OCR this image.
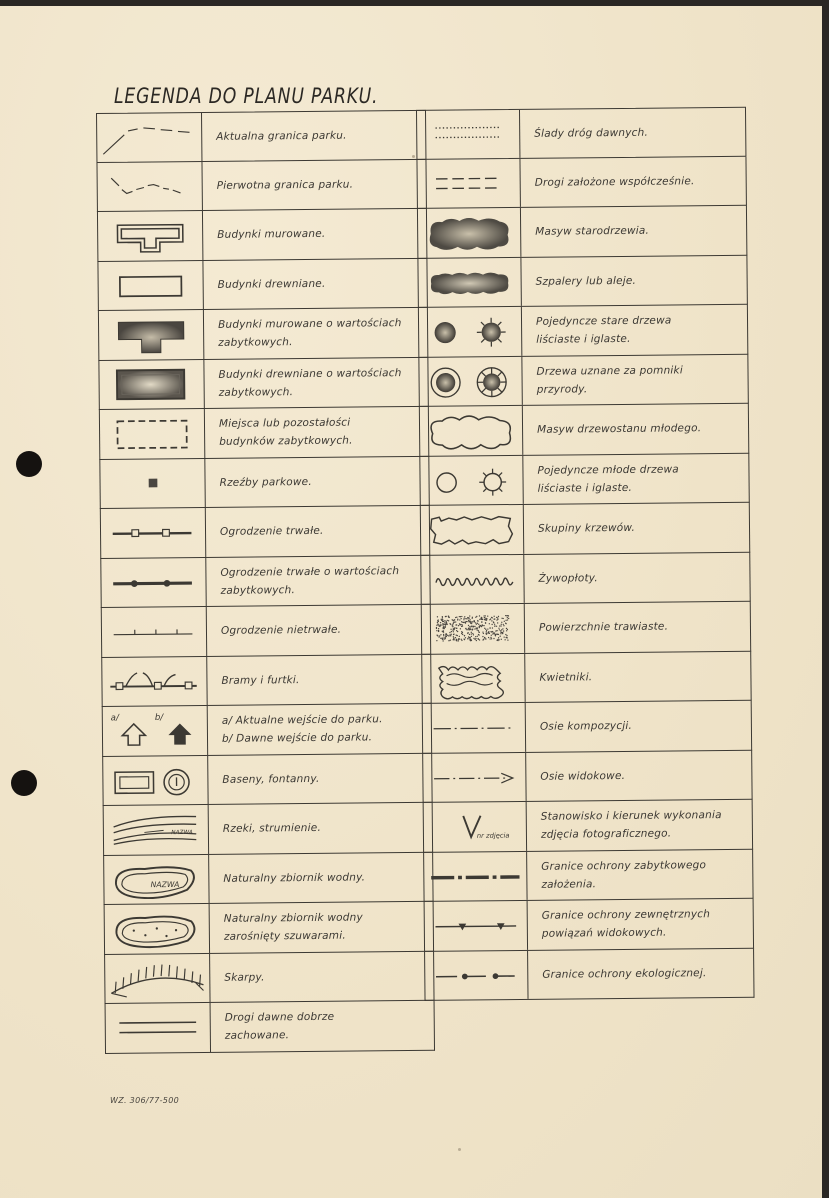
LEGENDA DO PLANU PARKU.
Aktualna granica parku.
Pierwotna granica parku.
Budynki murowane.
Budynki drewniane.
Budynki murowane o wartościach
zabytkowych.
Budynki drewniane o wartościach
zabytkowych.
Miejsca lub pozostałości
budynków zabytkowych.
Rzeźby parkowe.
Ogrodzenie trwałe.
Ogrodzenie trwałe o wartościach
zabytkowych.
Ogrodzenie nietrwałe.
Bramy i furtki.
a/	b/	a/ Aktualne wejście do parku.
b/ Dawne wejście do parku.
Baseny, fontanny.
NAZWA	Rzeki, strumienie.
NAZWA	Naturalny zbiornik wodny.
Naturalny zbiornik wodny
zarośnięty szuwarami.
Skarpy.
Drogi dawne dobrze
zachowane.
Ślady dróg dawnych.
Drogi założone współcześnie.
Masyw starodrzewia.
Szpalery lub aleje.
Pojedyncze stare drzewa
liściaste i iglaste.
Drzewa uznane za pomniki
przyrody.
Masyw drzewostanu młodego.
Pojedyncze młode drzewa
liściaste i iglaste.
Skupiny krzewów.
Żywopłoty.
Powierzchnie trawiaste.
Kwietniki.
Osie kompozycji.
Osie widokowe.
nr zdjęcia
Stanowisko i kierunek wykonania
zdjęcia fotograficznego.
Granice ochrony zabytkowego
założenia.
Granice ochrony zewnętrznych
powiązań widokowych.
Granice ochrony ekologicznej.
WZ. 306/77-500
